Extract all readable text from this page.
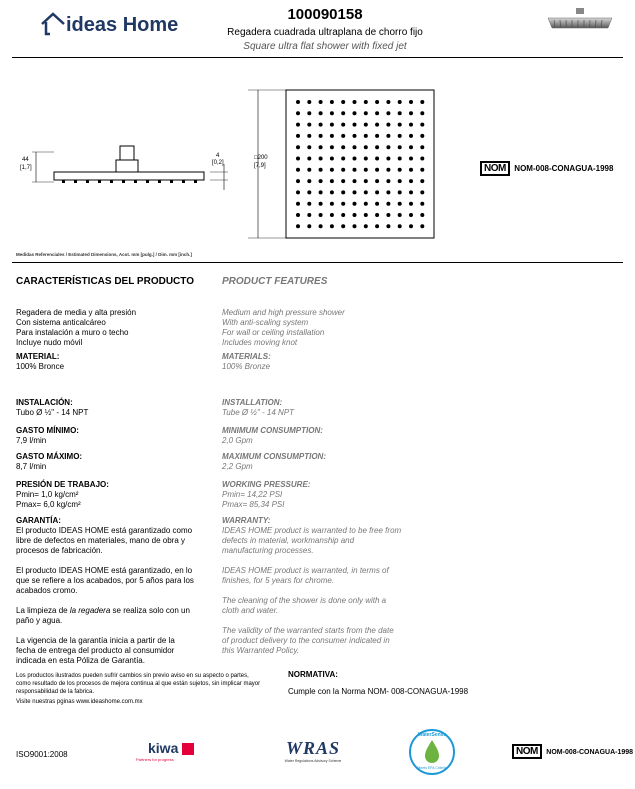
ideas Home	100090158
Regadera cuadrada ultraplana de chorro fijo
Square ultra flat shower with fixed jet
44
[1,7]
4
[0,2]
□200
[7,9]	NOM NOM-008-CONAGUA-1998
Medidas Referenciales / Estimated Dimensions, Acot. mm [pulg.] / Dim. mm [inch.]
CARACTERÍSTICAS DEL PRODUCTO	PRODUCT FEATURES
Regadera de media y alta presión
Con sistema anticalcáreo
Para instalación a muro o techo
Incluye nudo móvil
MATERIAL:
100% Bronce
INSTALACIÓN:
Tubo Ø ½" - 14 NPT
GASTO MÍNIMO:
7,9 l/min
GASTO MÁXIMO:
8,7 l/min
PRESIÓN DE TRABAJO:
Pmin= 1,0 kg/cm²
Pmax= 6,0 kg/cm²
GARANTÍA:
El producto IDEAS HOME está garantizado como libre de defectos en materiales, mano de obra y procesos de fabricación.
El producto IDEAS HOME está garantizado, en lo que se refiere a los acabados, por 5 años para los acabados cromo.
La limpieza de la regadera se realiza solo con un paño y agua.
La vigencia de la garantía inicia a partir de la fecha de entrega del producto al consumidor indicada en esta Póliza de Garantía.
Medium and high pressure shower
With anti-scaling system
For wall or ceiling installation
Includes moving knot
MATERIALS:
100% Bronze
INSTALLATION:
Tube Ø ½" - 14 NPT
MINIMUM CONSUMPTION:
2,0 Gpm
MAXIMUM CONSUMPTION:
2,2 Gpm
WORKING PRESSURE:
Pmin= 14,22 PSI
Pmax= 85,34 PSI
WARRANTY:
IDEAS HOME product is warranted to be free from defects in material, workmanship and manufacturing processes.
IDEAS HOME product is warranted, in terms of finishes, for 5 years for chrome.
The cleaning of the shower is done only with a cloth and water.
The validity of the warranted starts from the date of product delivery to the consumer indicated in this Warranted Policy.
Los productos ilustrados pueden sufrir cambios sin previo aviso en su aspecto o partes, como resultado de los procesos de mejora continua al que están sujetos, sin implicar mayor responsabilidad de la fabrica.
Visite nuestras pginas www.ideashome.com.mx
NORMATIVA:
Cumple con la Norma NOM- 008-CONAGUA-1998
ISO9001:2008	kiwa
Partners for progress
WRAS
Water Regulations Advisory Scheme
WaterSense
Meets EPA Criteria
NOM NOM-008-CONAGUA-1998
